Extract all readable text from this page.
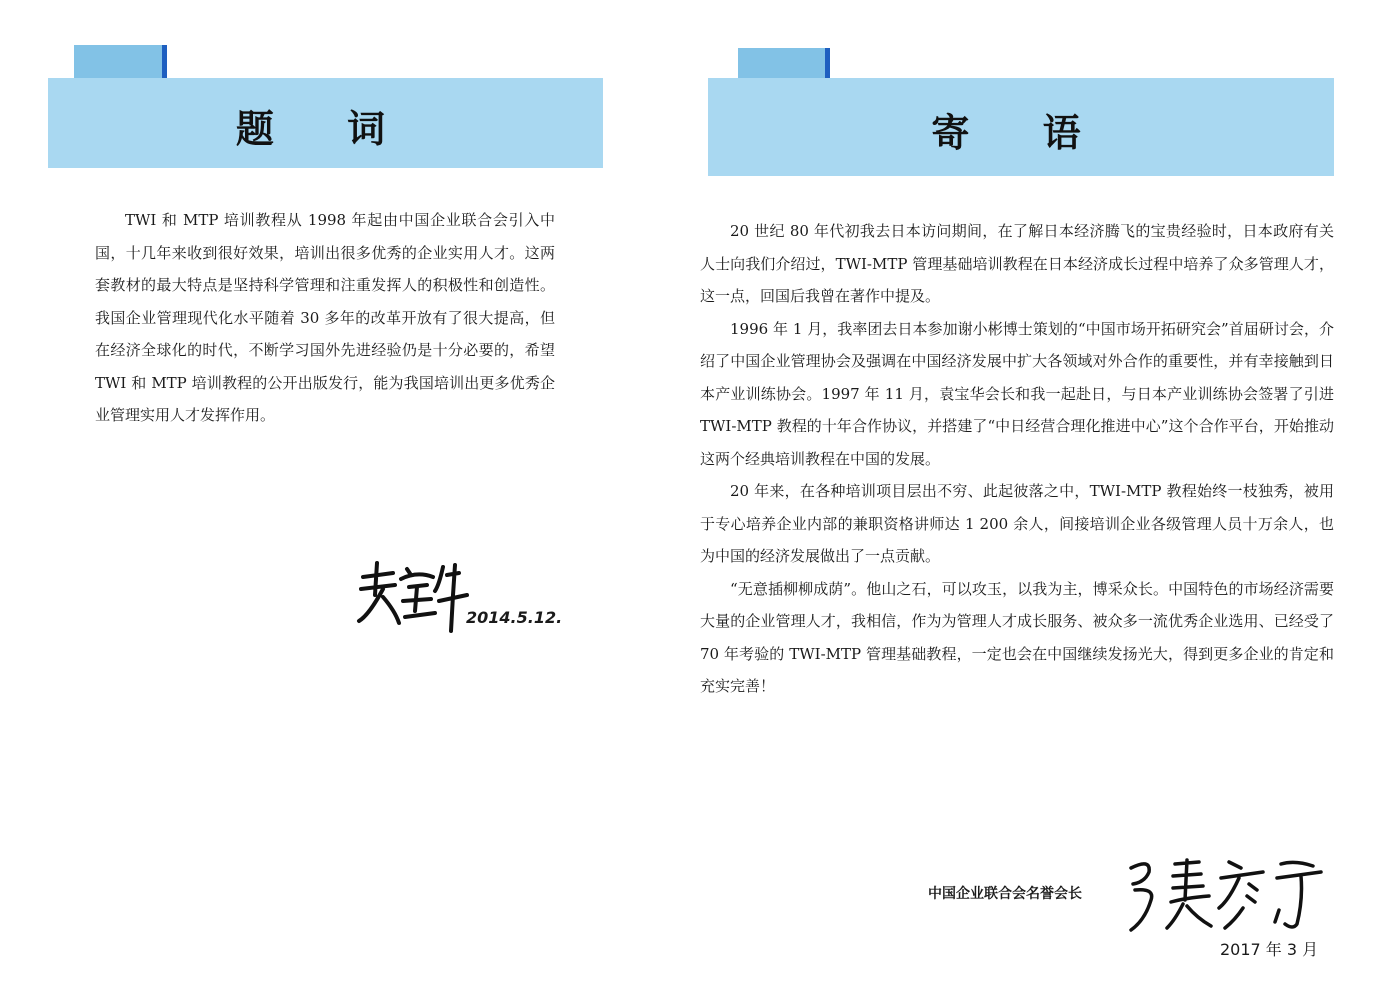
题 词

TWI 和 MTP 培训教程从 1998 年起由中国企业联合会引入中国，十几年来收到很好效果，培训出很多优秀的企业实用人才。这两套教材的最大特点是坚持科学管理和注重发挥人的积极性和创造性。我国企业管理现代化水平随着 30 多年的改革开放有了很大提高，但在经济全球化的时代，不断学习国外先进经验仍是十分必要的，希望 TWI 和 MTP 培训教程的公开出版发行，能为我国培训出更多优秀企业管理实用人才发挥作用。

2014.5.12.
寄 语

20 世纪 80 年代初我去日本访问期间，在了解日本经济腾飞的宝贵经验时，日本政府有关人士向我们介绍过，TWI-MTP 管理基础培训教程在日本经济成长过程中培养了众多管理人才，这一点，回国后我曾在著作中提及。

1996 年 1 月，我率团去日本参加谢小彬博士策划的“中国市场开拓研究会”首届研讨会，介绍了中国企业管理协会及强调在中国经济发展中扩大各领域对外合作的重要性，并有幸接触到日本产业训练协会。1997 年 11 月，袁宝华会长和我一起赴日，与日本产业训练协会签署了引进 TWI-MTP 教程的十年合作协议，并搭建了“中日经营合理化推进中心”这个合作平台，开始推动这两个经典培训教程在中国的发展。

20 年来，在各种培训项目层出不穷、此起彼落之中，TWI-MTP 教程始终一枝独秀，被用于专心培养企业内部的兼职资格讲师达 1 200 余人，间接培训企业各级管理人员十万余人，也为中国的经济发展做出了一点贡献。

“无意插柳柳成荫”。他山之石，可以攻玉，以我为主，博采众长。中国特色的市场经济需要大量的企业管理人才，我相信，作为为管理人才成长服务、被众多一流优秀企业选用、已经受了 70 年考验的 TWI-MTP 管理基础教程，一定也会在中国继续发扬光大，得到更多企业的肯定和充实完善！

中国企业联合会名誉会长
2017 年 3 月
